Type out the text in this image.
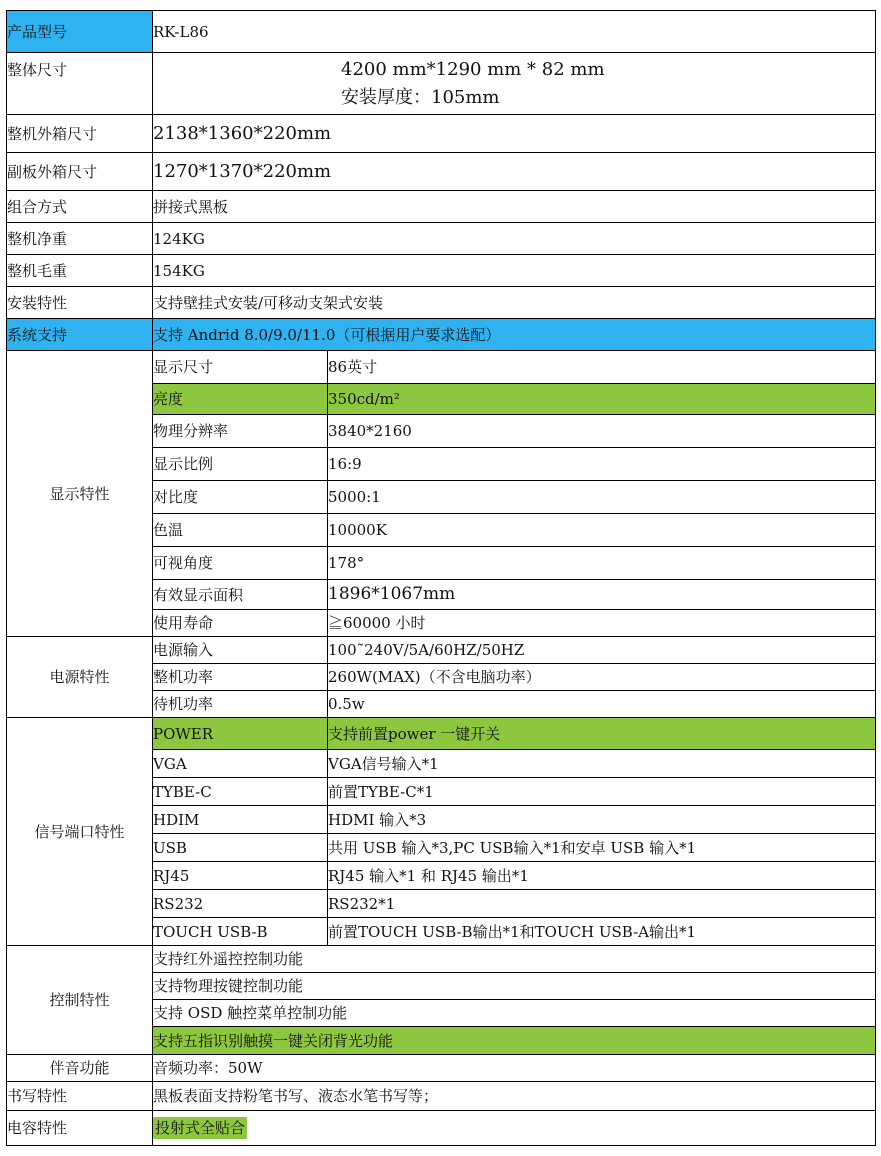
产品型号	RK-L86	
整体尺寸	4200 mm*1290 mm * 82 mm
安装厚度：105mm	

整机外箱尺寸	2138*1360*220mm	
副板外箱尺寸	1270*1370*220mm	
组合方式	拼接式黑板	
整机净重	124KG	
整机毛重	154KG	
安装特性	支持壁挂式安装/可移动支架式安装	
系统支持	支持 Andrid 8.0/9.0/11.0（可根据用户要求选配）	
显示特性	显示尺寸	86英寸
	亮度	350cd/m²
	物理分辨率	3840*2160
	显示比例	16:9
	对比度	5000:1
	色温	10000K
	可视角度	178°
	有效显示面积	1896*1067mm
	使用寿命	≧60000 小时
电源特性	电源输入	100˜240V/5A/60HZ/50HZ
	整机功率	260W(MAX)（不含电脑功率）
	待机功率	0.5w
信号端口特性	POWER	支持前置power 一键开关
	VGA	VGA信号输入*1
	TYBE-C	前置TYBE-C*1
	HDIM	HDMI 输入*3
	USB	共用 USB 输入*3,PC USB输入*1和安卓 USB 输入*1
	RJ45	RJ45 输入*1 和 RJ45 输出*1
	RS232	RS232*1
	TOUCH USB-B	前置TOUCH USB-B输出*1和TOUCH USB-A输出*1
控制特性	支持红外遥控控制功能	
	支持物理按键控制功能	
	支持 OSD 触控菜单控制功能	
	支持五指识别触摸一键关闭背光功能	
伴音功能	音频功率：50W	
书写特性	黑板表面支持粉笔书写、液态水笔书写等；	
电容特性	投射式全贴合	
